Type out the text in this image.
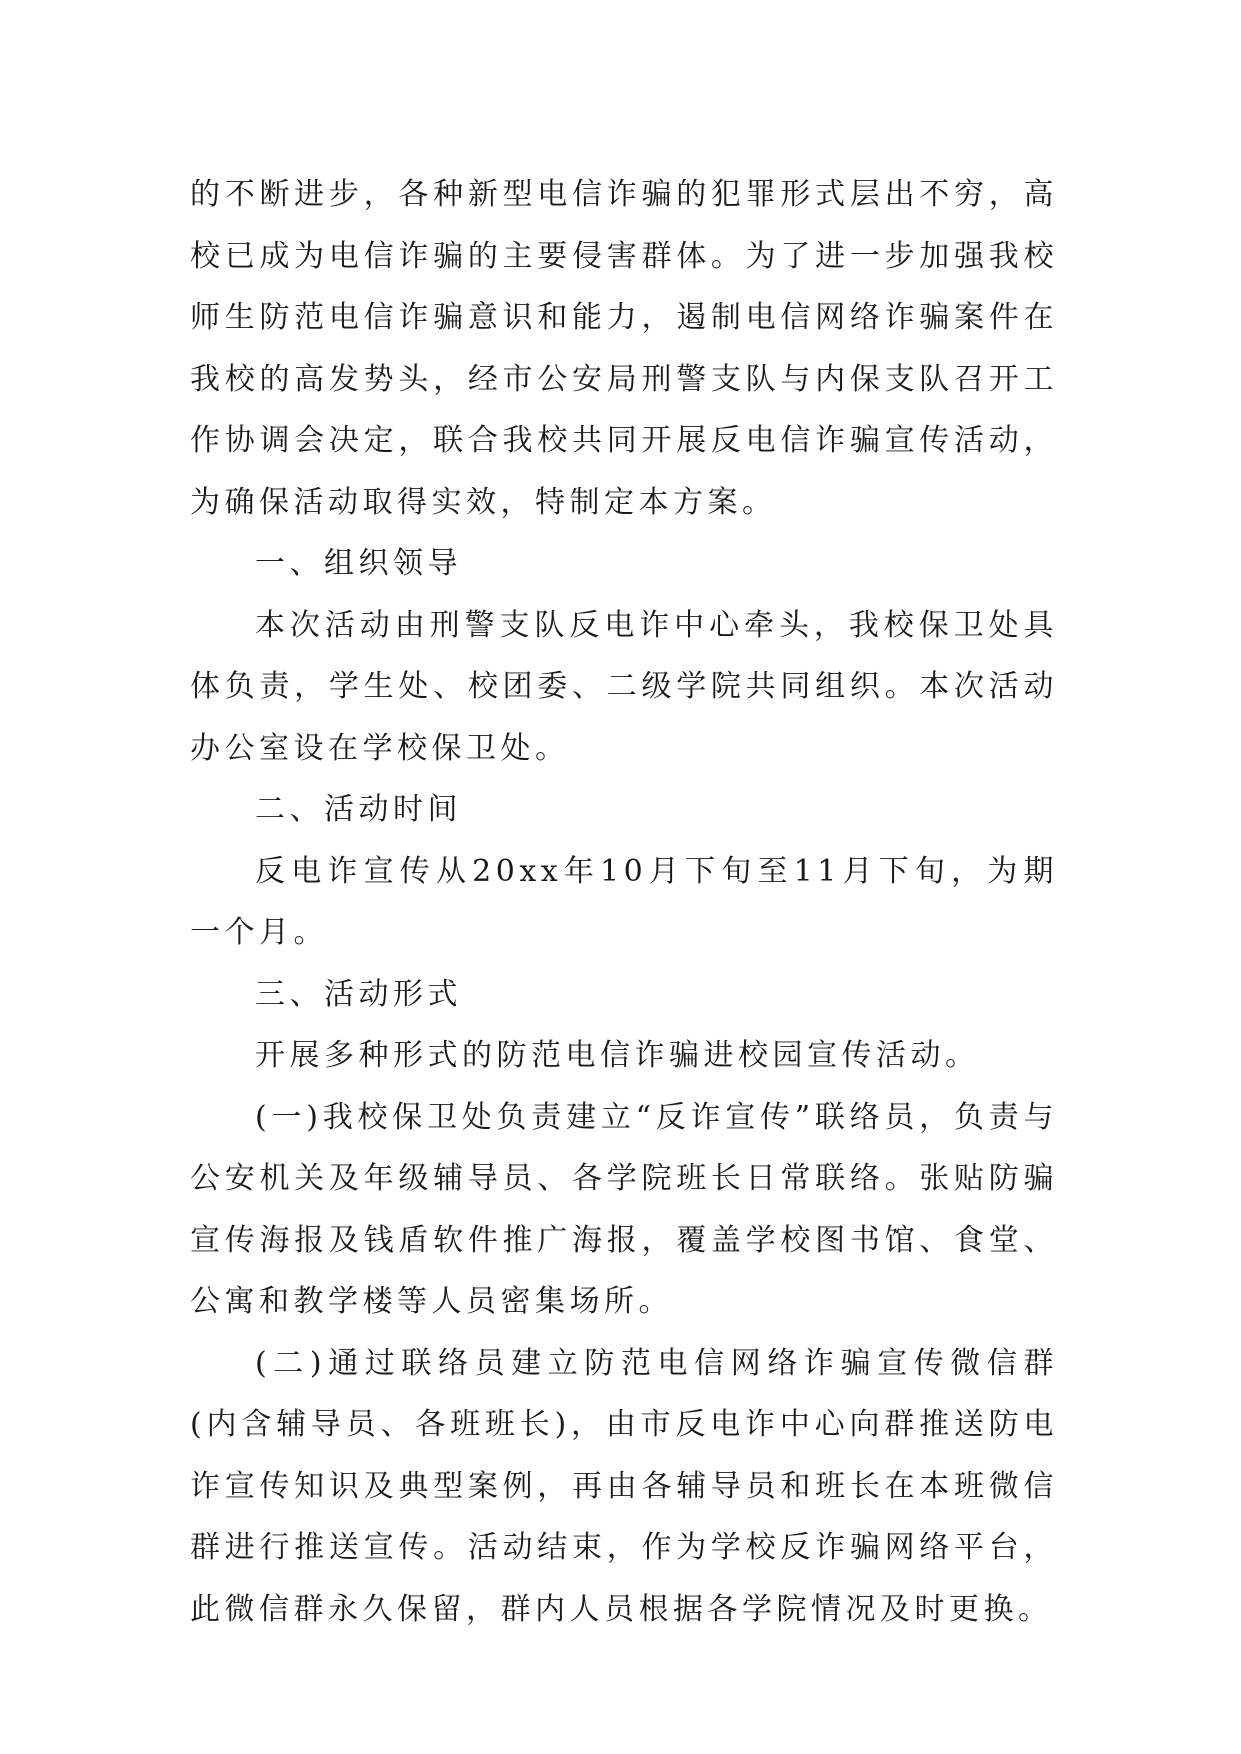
的不断进步，各种新型电信诈骗的犯罪形式层出不穷，高校已成为电信诈骗的主要侵害群体。为了进一步加强我校师生防范电信诈骗意识和能力，遏制电信网络诈骗案件在我校的高发势头，经市公安局刑警支队与内保支队召开工作协调会决定，联合我校共同开展反电信诈骗宣传活动，为确保活动取得实效，特制定本方案。

一、组织领导

本次活动由刑警支队反电诈中心牵头，我校保卫处具体负责，学生处、校团委、二级学院共同组织。本次活动办公室设在学校保卫处。

二、活动时间

反电诈宣传从20xx年10月下旬至11月下旬，为期一个月。

三、活动形式

开展多种形式的防范电信诈骗进校园宣传活动。

(一)我校保卫处负责建立“反诈宣传”联络员，负责与公安机关及年级辅导员、各学院班长日常联络。张贴防骗宣传海报及钱盾软件推广海报，覆盖学校图书馆、食堂、公寓和教学楼等人员密集场所。

(二)通过联络员建立防范电信网络诈骗宣传微信群(内含辅导员、各班班长)，由市反电诈中心向群推送防电诈宣传知识及典型案例，再由各辅导员和班长在本班微信群进行推送宣传。活动结束，作为学校反诈骗网络平台，此微信群永久保留，群内人员根据各学院情况及时更换。
